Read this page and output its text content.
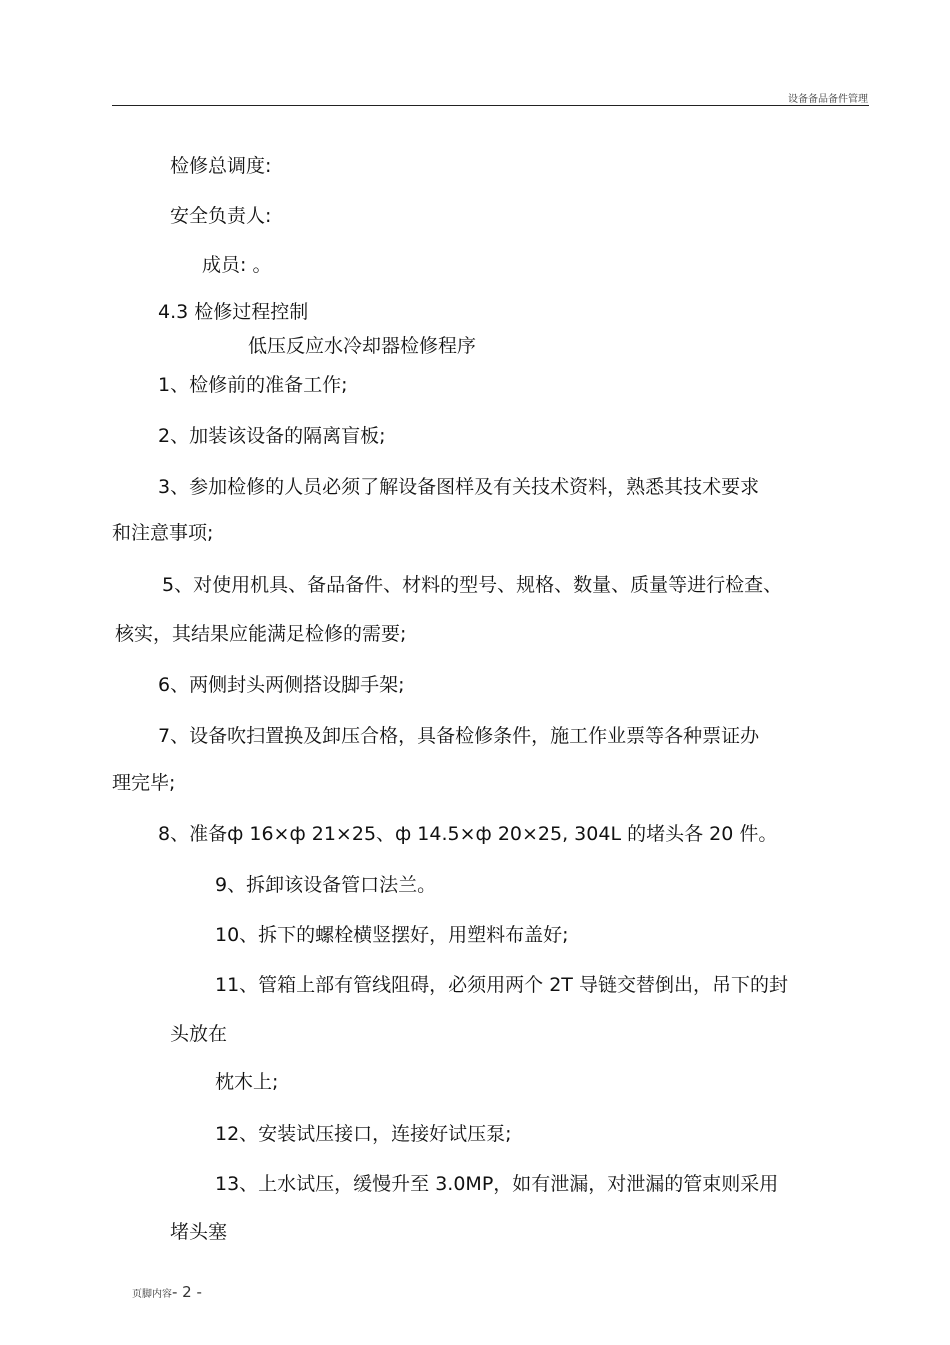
设备备品备件管理
检修总调度:
安全负责人:
成员: 。
4.3 检修过程控制
低压反应水冷却器检修程序
1、检修前的准备工作;
2、加装该设备的隔离盲板;
3、参加检修的人员必须了解设备图样及有关技术资料，熟悉其技术要求
和注意事项;
5、对使用机具、备品备件、材料的型号、规格、数量、质量等进行检查、
核实，其结果应能满足检修的需要;
6、两侧封头两侧搭设脚手架;
7、设备吹扫置换及卸压合格，具备检修条件，施工作业票等各种票证办
理完毕;
8、准备ф 16×ф 21×25、ф 14.5×ф 20×25, 304L 的堵头各 20 件。
9、拆卸该设备管口法兰。
10、拆下的螺栓横竖摆好，用塑料布盖好;
11、管箱上部有管线阻碍，必须用两个 2T 导链交替倒出，吊下的封
头放在
枕木上;
12、安装试压接口，连接好试压泵;
13、上水试压，缓慢升至 3.0MP，如有泄漏，对泄漏的管束则采用
堵头塞
页脚内容- 2 -
